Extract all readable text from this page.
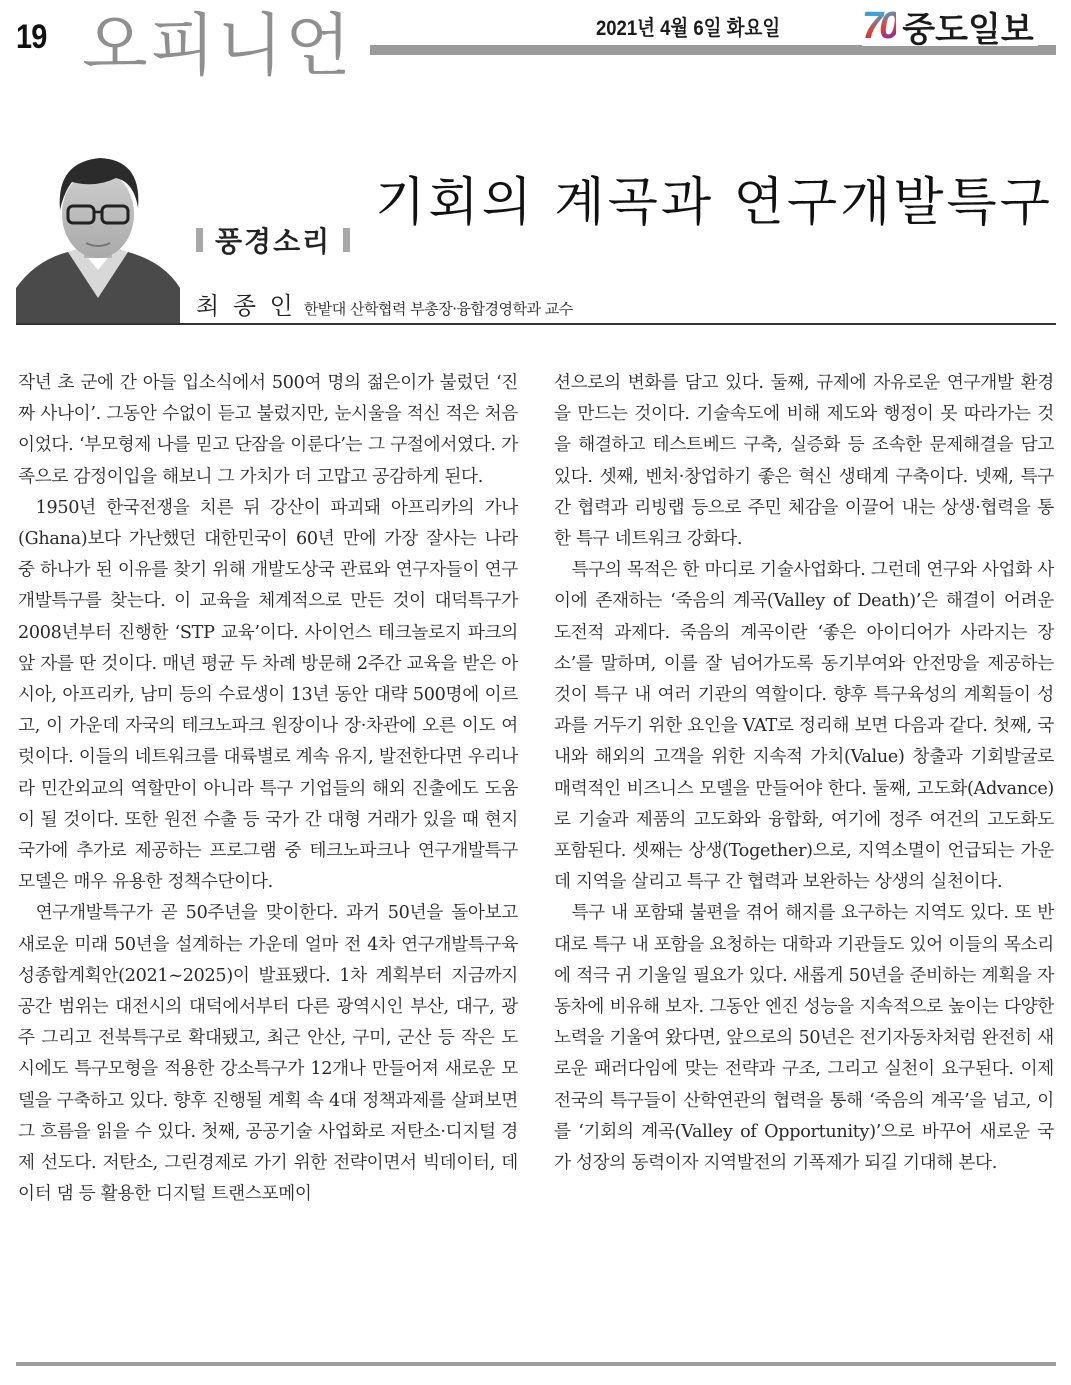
19 오피니언	2021년 4월 6일 화요일 70 중도일보
풍경소리
기회의 계곡과 연구개발특구
최 종 인 한밭대 산학협력 부총장·융합경영학과 교수

작년 초 군에 간 아들 입소식에서 500여 명의 젊은이가 불렀던 ‘진짜 사나이’. 그동안 수없이 듣고 불렀지만, 눈시울을 적신 적은 처음이었다. ‘부모형제 나를 믿고 단잠을 이룬다’는 그 구절에서였다. 가족으로 감정이입을 해보니 그 가치가 더 고맙고 공감하게 된다.

1950년 한국전쟁을 치른 뒤 강산이 파괴돼 아프리카의 가나(Ghana)보다 가난했던 대한민국이 60년 만에 가장 잘사는 나라 중 하나가 된 이유를 찾기 위해 개발도상국 관료와 연구자들이 연구개발특구를 찾는다. 이 교육을 체계적으로 만든 것이 대덕특구가 2008년부터 진행한 ‘STP 교육’이다. 사이언스 테크놀로지 파크의 앞 자를 딴 것이다. 매년 평균 두 차례 방문해 2주간 교육을 받은 아시아, 아프리카, 남미 등의 수료생이 13년 동안 대략 500명에 이르고, 이 가운데 자국의 테크노파크 원장이나 장·차관에 오른 이도 여럿이다. 이들의 네트워크를 대륙별로 계속 유지, 발전한다면 우리나라 민간외교의 역할만이 아니라 특구 기업들의 해외 진출에도 도움이 될 것이다. 또한 원전 수출 등 국가 간 대형 거래가 있을 때 현지 국가에 추가로 제공하는 프로그램 중 테크노파크나 연구개발특구 모델은 매우 유용한 정책수단이다.

연구개발특구가 곧 50주년을 맞이한다. 과거 50년을 돌아보고 새로운 미래 50년을 설계하는 가운데 얼마 전 4차 연구개발특구육성종합계획안(2021~2025)이 발표됐다. 1차 계획부터 지금까지 공간 범위는 대전시의 대덕에서부터 다른 광역시인 부산, 대구, 광주 그리고 전북특구로 확대됐고, 최근 안산, 구미, 군산 등 작은 도시에도 특구모형을 적용한 강소특구가 12개나 만들어져 새로운 모델을 구축하고 있다. 향후 진행될 계획 속 4대 정책과제를 살펴보면 그 흐름을 읽을 수 있다. 첫째, 공공기술 사업화로 저탄소·디지털 경제 선도다. 저탄소, 그린경제로 가기 위한 전략이면서 빅데이터, 데이터 댐 등 활용한 디지털 트랜스포메이

션으로의 변화를 담고 있다. 둘째, 규제에 자유로운 연구개발 환경을 만드는 것이다. 기술속도에 비해 제도와 행정이 못 따라가는 것을 해결하고 테스트베드 구축, 실증화 등 조속한 문제해결을 담고 있다. 셋째, 벤처·창업하기 좋은 혁신 생태계 구축이다. 넷째, 특구 간 협력과 리빙랩 등으로 주민 체감을 이끌어 내는 상생·협력을 통한 특구 네트워크 강화다.

특구의 목적은 한 마디로 기술사업화다. 그런데 연구와 사업화 사이에 존재하는 ‘죽음의 계곡(Valley of Death)’은 해결이 어려운 도전적 과제다. 죽음의 계곡이란 ‘좋은 아이디어가 사라지는 장소’를 말하며, 이를 잘 넘어가도록 동기부여와 안전망을 제공하는 것이 특구 내 여러 기관의 역할이다. 향후 특구육성의 계획들이 성과를 거두기 위한 요인을 VAT로 정리해 보면 다음과 같다. 첫째, 국내와 해외의 고객을 위한 지속적 가치(Value) 창출과 기회발굴로 매력적인 비즈니스 모델을 만들어야 한다. 둘째, 고도화(Advance)로 기술과 제품의 고도화와 융합화, 여기에 정주 여건의 고도화도 포함된다. 셋째는 상생(Together)으로, 지역소멸이 언급되는 가운데 지역을 살리고 특구 간 협력과 보완하는 상생의 실천이다.

특구 내 포함돼 불편을 겪어 해지를 요구하는 지역도 있다. 또 반대로 특구 내 포함을 요청하는 대학과 기관들도 있어 이들의 목소리에 적극 귀 기울일 필요가 있다. 새롭게 50년을 준비하는 계획을 자동차에 비유해 보자. 그동안 엔진 성능을 지속적으로 높이는 다양한 노력을 기울여 왔다면, 앞으로의 50년은 전기자동차처럼 완전히 새로운 패러다임에 맞는 전략과 구조, 그리고 실천이 요구된다. 이제 전국의 특구들이 산학연관의 협력을 통해 ‘죽음의 계곡’을 넘고, 이를 ‘기회의 계곡(Valley of Opportunity)’으로 바꾸어 새로운 국가 성장의 동력이자 지역발전의 기폭제가 되길 기대해 본다.
